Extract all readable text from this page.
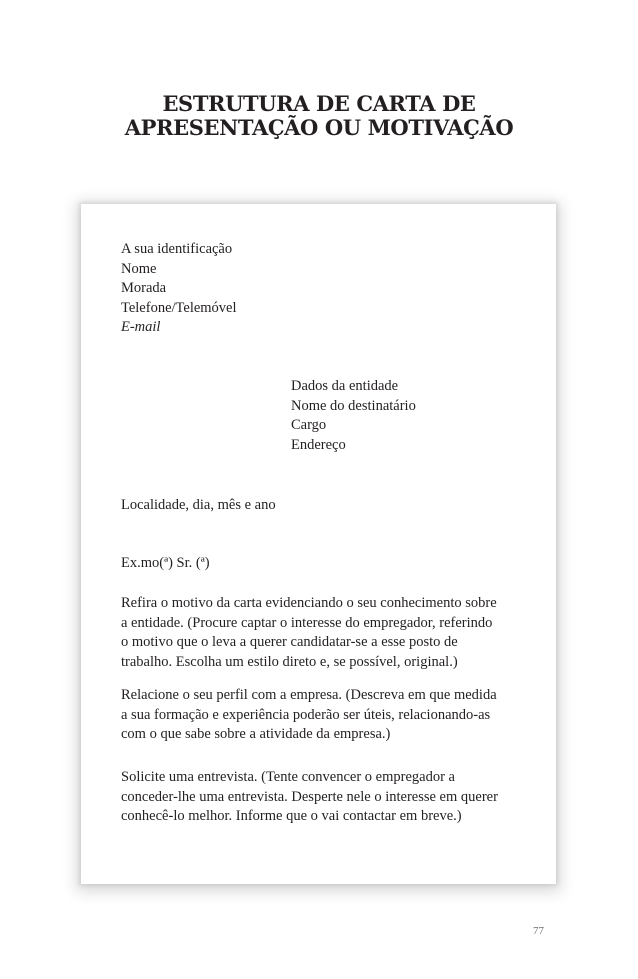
ESTRUTURA DE CARTA DE
APRESENTAÇÃO OU MOTIVAÇÃO
A sua identificação
Nome
Morada
Telefone/Telemóvel
E-mail
Dados da entidade
Nome do destinatário
Cargo
Endereço
Localidade, dia, mês e ano
Ex.mo(ª) Sr. (ª)
Refira o motivo da carta evidenciando o seu conhecimento sobre
a entidade. (Procure captar o interesse do empregador, referindo
o motivo que o leva a querer candidatar-se a esse posto de
trabalho. Escolha um estilo direto e, se possível, original.)
Relacione o seu perfil com a empresa. (Descreva em que medida
a sua formação e experiência poderão ser úteis, relacionando-as
com o que sabe sobre a atividade da empresa.)
Solicite uma entrevista. (Tente convencer o empregador a
conceder-lhe uma entrevista. Desperte nele o interesse em querer
conhecê-lo melhor. Informe que o vai contactar em breve.)
77
